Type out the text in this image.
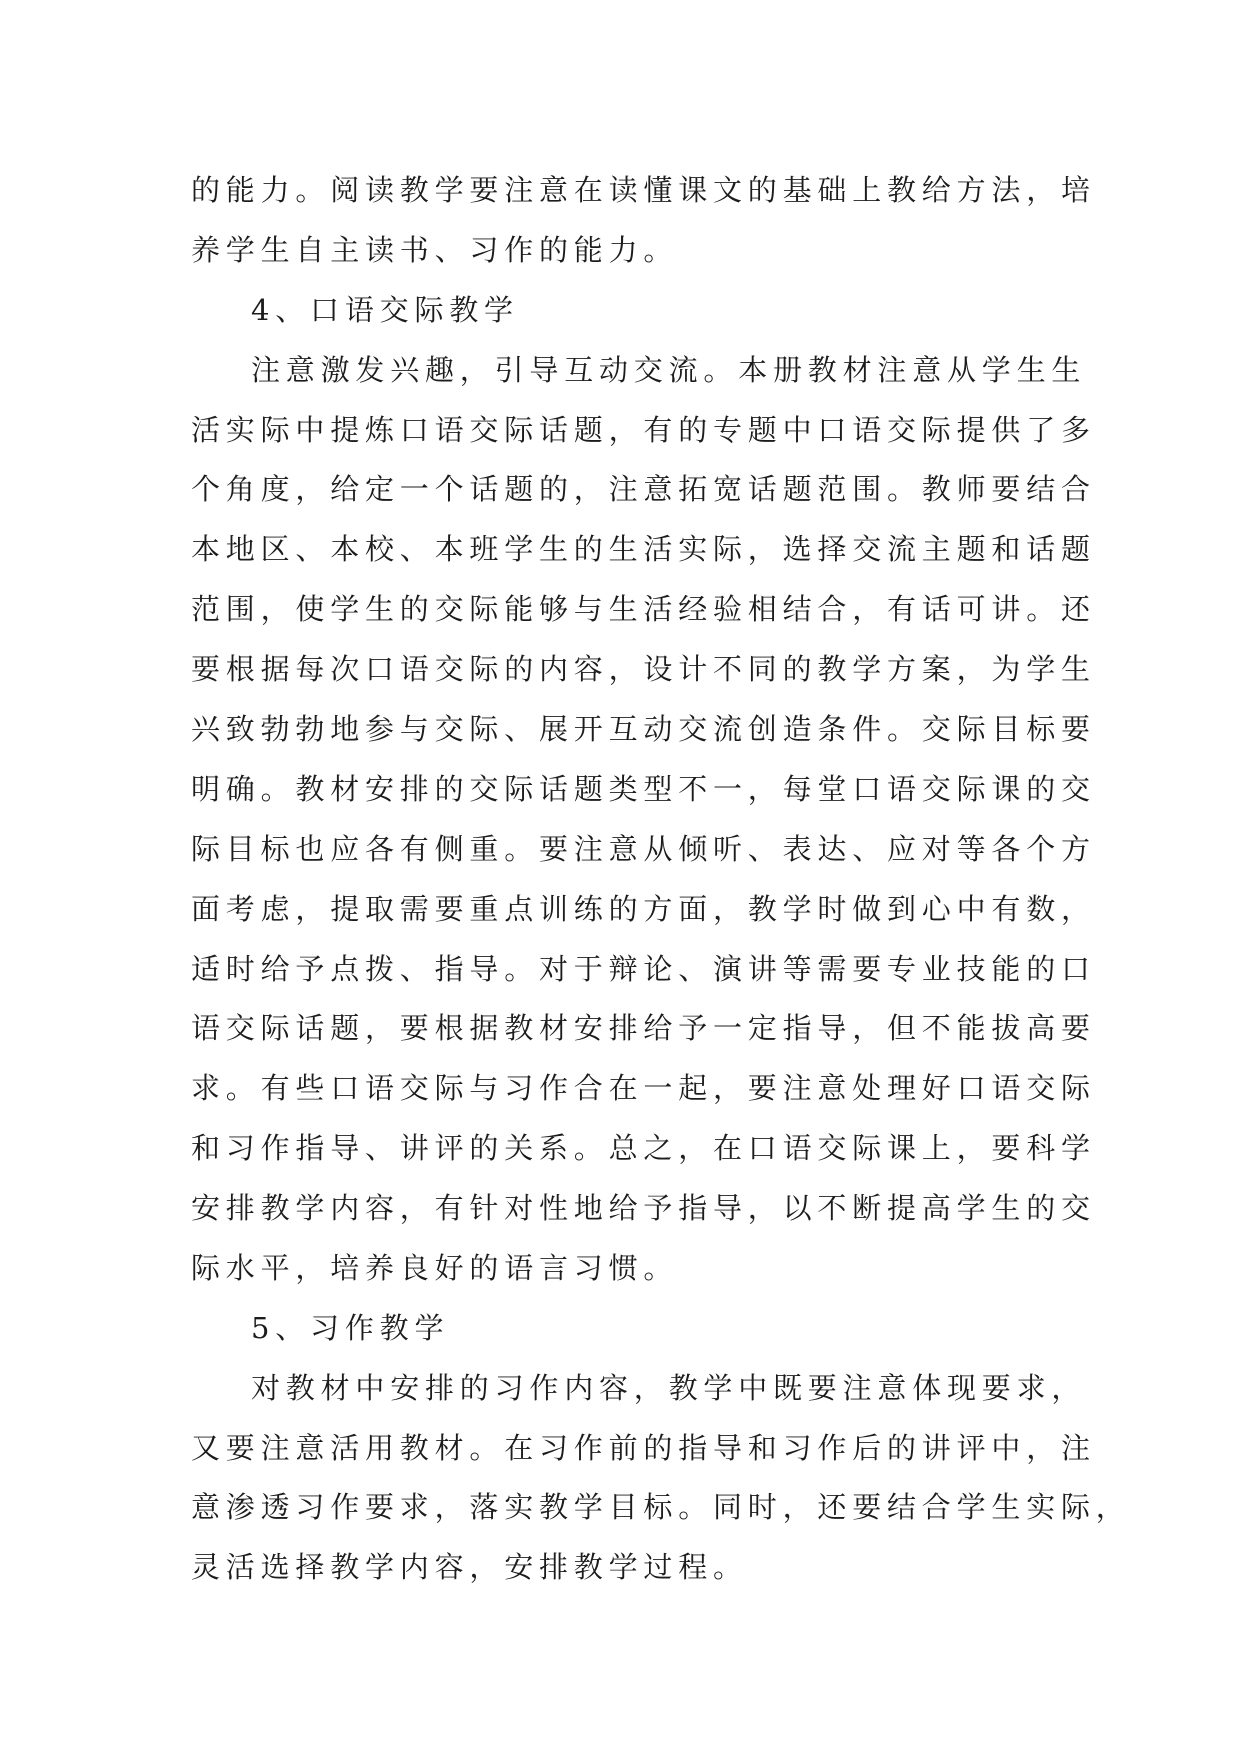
的能力。阅读教学要注意在读懂课文的基础上教给方法，培
养学生自主读书、习作的能力。
4、口语交际教学
注意激发兴趣，引导互动交流。本册教材注意从学生生
活实际中提炼口语交际话题，有的专题中口语交际提供了多
个角度，给定一个话题的，注意拓宽话题范围。教师要结合
本地区、本校、本班学生的生活实际，选择交流主题和话题
范围，使学生的交际能够与生活经验相结合，有话可讲。还
要根据每次口语交际的内容，设计不同的教学方案，为学生
兴致勃勃地参与交际、展开互动交流创造条件。交际目标要
明确。教材安排的交际话题类型不一，每堂口语交际课的交
际目标也应各有侧重。要注意从倾听、表达、应对等各个方
面考虑，提取需要重点训练的方面，教学时做到心中有数，
适时给予点拨、指导。对于辩论、演讲等需要专业技能的口
语交际话题，要根据教材安排给予一定指导，但不能拔高要
求。有些口语交际与习作合在一起，要注意处理好口语交际
和习作指导、讲评的关系。总之，在口语交际课上，要科学
安排教学内容，有针对性地给予指导，以不断提高学生的交
际水平，培养良好的语言习惯。
5、习作教学
对教材中安排的习作内容，教学中既要注意体现要求，
又要注意活用教材。在习作前的指导和习作后的讲评中，注
意渗透习作要求，落实教学目标。同时，还要结合学生实际，
灵活选择教学内容，安排教学过程。
